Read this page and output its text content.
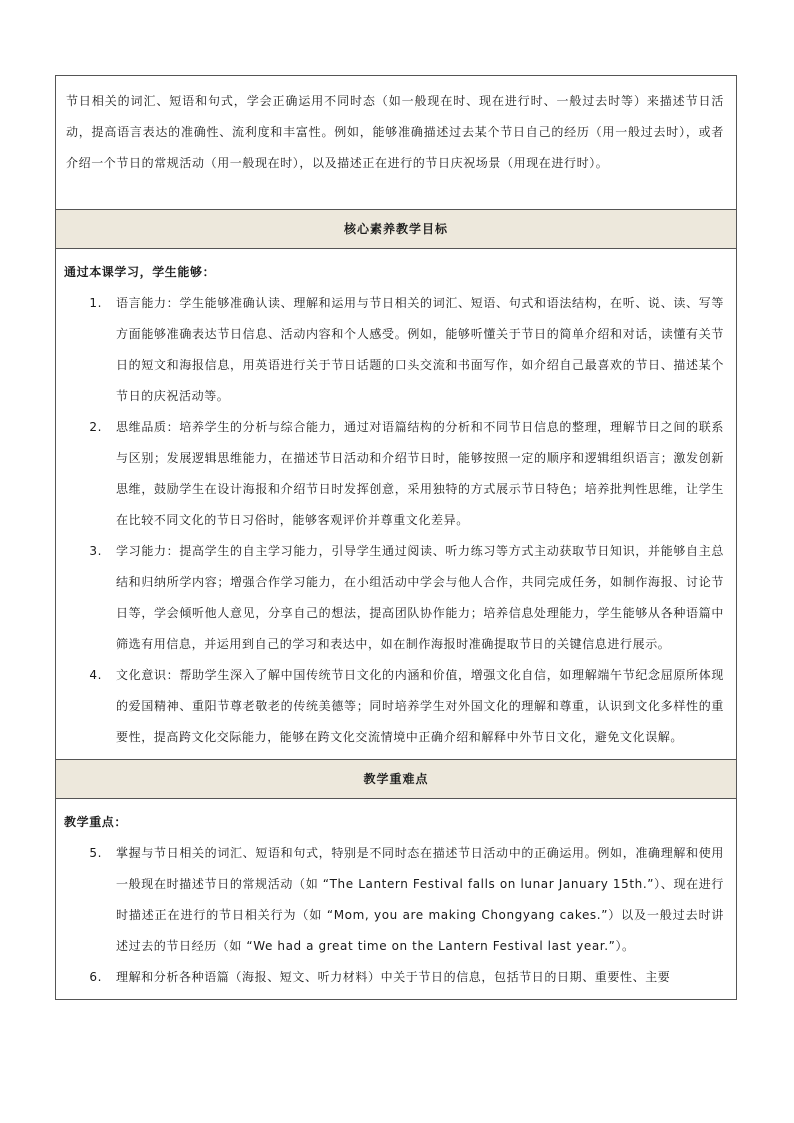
节日相关的词汇、短语和句式，学会正确运用不同时态（如一般现在时、现在进行时、一般过去时等）来描述节日活动，提高语言表达的准确性、流利度和丰富性。例如，能够准确描述过去某个节日自己的经历（用一般过去时），或者介绍一个节日的常规活动（用一般现在时），以及描述正在进行的节日庆祝场景（用现在进行时）。
核心素养教学目标
通过本课学习，学生能够：
1.	语言能力：学生能够准确认读、理解和运用与节日相关的词汇、短语、句式和语法结构，在听、说、读、写等方面能够准确表达节日信息、活动内容和个人感受。例如，能够听懂关于节日的简单介绍和对话，读懂有关节日的短文和海报信息，用英语进行关于节日话题的口头交流和书面写作，如介绍自己最喜欢的节日、描述某个节日的庆祝活动等。
2.	思维品质：培养学生的分析与综合能力，通过对语篇结构的分析和不同节日信息的整理，理解节日之间的联系与区别；发展逻辑思维能力，在描述节日活动和介绍节日时，能够按照一定的顺序和逻辑组织语言；激发创新思维，鼓励学生在设计海报和介绍节日时发挥创意，采用独特的方式展示节日特色；培养批判性思维，让学生在比较不同文化的节日习俗时，能够客观评价并尊重文化差异。
3.	学习能力：提高学生的自主学习能力，引导学生通过阅读、听力练习等方式主动获取节日知识，并能够自主总结和归纳所学内容；增强合作学习能力，在小组活动中学会与他人合作，共同完成任务，如制作海报、讨论节日等，学会倾听他人意见，分享自己的想法，提高团队协作能力；培养信息处理能力，学生能够从各种语篇中筛选有用信息，并运用到自己的学习和表达中，如在制作海报时准确提取节日的关键信息进行展示。
4.	文化意识：帮助学生深入了解中国传统节日文化的内涵和价值，增强文化自信，如理解端午节纪念屈原所体现的爱国精神、重阳节尊老敬老的传统美德等；同时培养学生对外国文化的理解和尊重，认识到文化多样性的重要性，提高跨文化交际能力，能够在跨文化交流情境中正确介绍和解释中外节日文化，避免文化误解。
教学重难点
教学重点：
5.	掌握与节日相关的词汇、短语和句式，特别是不同时态在描述节日活动中的正确运用。例如，准确理解和使用一般现在时描述节日的常规活动（如 “The Lantern Festival falls on lunar January 15th.”）、现在进行时描述正在进行的节日相关行为（如 “Mom, you are making Chongyang cakes.”）以及一般过去时讲述过去的节日经历（如 “We had a great time on the Lantern Festival last year.”）。
6.	理解和分析各种语篇（海报、短文、听力材料）中关于节日的信息，包括节日的日期、重要性、主要
